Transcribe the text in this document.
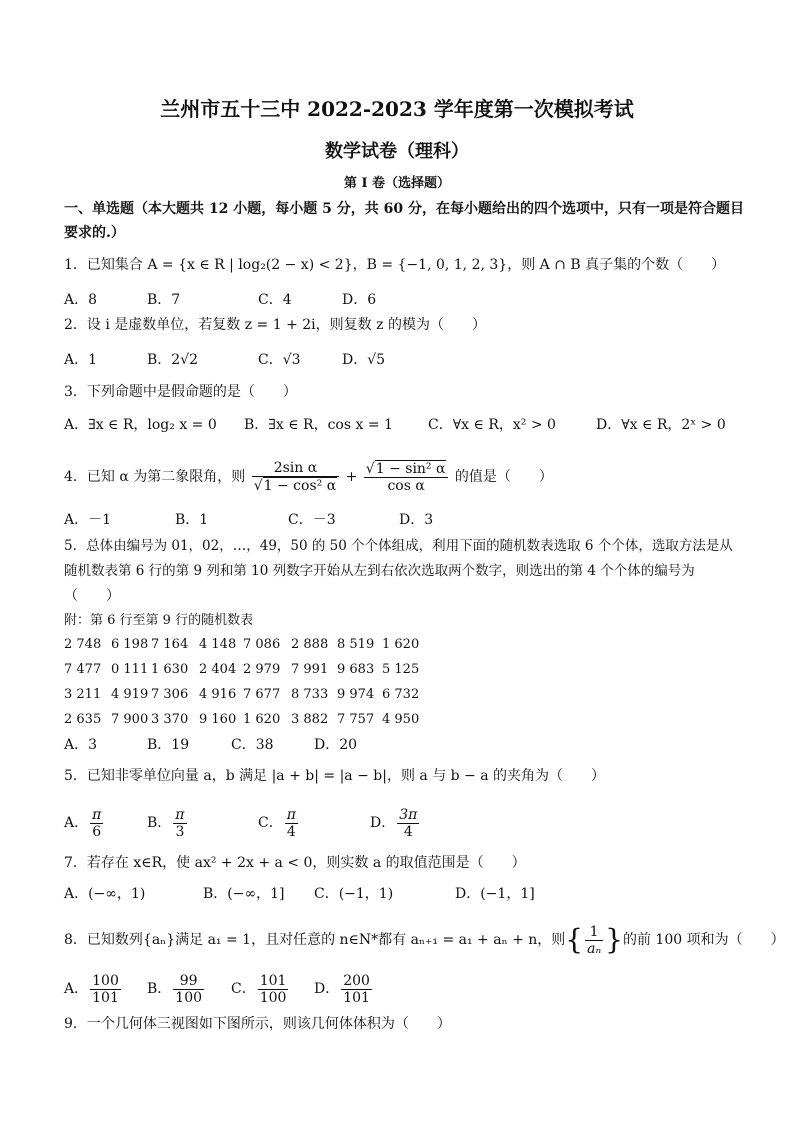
兰州市五十三中 2022-2023 学年度第一次模拟考试
数学试卷（理科）
第 I 卷（选择题）
一、单选题（本大题共 12 小题，每小题 5 分，共 60 分，在每小题给出的四个选项中，只有一项是符合题目
要求的.）
1．已知集合 A = {x ∈ R | log₂(2 − x) < 2}，B = {−1, 0, 1, 2, 3}，则 A ∩ B 真子集的个数（　　）
A．8	B．7	C．4	D．6
2．设 i 是虚数单位，若复数 z = 1 + 2i，则复数 z 的模为（　　）
A．1	B．2√2	C．√3	D．√5
3．下列命题中是假命题的是（　　）
A．∃x ∈ R，log₂ x = 0 B．∃x ∈ R，cos x = 1	C．∀x ∈ R，x² > 0	D．∀x ∈ R，2ˣ > 0
4．已知 α 为第二象限角，则 $\frac{\text{2sin α}}{\text{√1 − cos² α}} + \frac{\text{√1 − sin² α}}{\text{cos α}}$ 的值是（　　）
A．－1	B．1	C．－3	D．3
5．总体由编号为 01，02，…，49，50 的 50 个个体组成，利用下面的随机数表选取 6 个个体，选取方法是从
随机数表第 6 行的第 9 列和第 10 列数字开始从左到右依次选取两个数字，则选出的第 4 个个体的编号为
（　　）
附：第 6 行至第 9 行的随机数表
2 748 6 198 7 164 4 148 7 086 2 888 8 519 1 620
7 477 0 111 1 630 2 404 2 979 7 991 9 683 5 125
3 211 4 919 7 306 4 916 7 677 8 733 9 974 6 732
2 635 7 900 3 370 9 160 1 620 3 882 7 757 4 950
A．3	B．19	C．38	D．20
5．已知非零单位向量 a，b 满足 |a + b| = |a − b|，则 a 与 b − a 的夹角为（　　）
A． $\frac{\pi}{6}$	B． $\frac{\pi}{3}$	C． $\frac{\pi}{4}$	D． $\frac{3\pi}{4}$
7．若存在 x∈R，使 ax² + 2x + a < 0，则实数 a 的取值范围是（　　）
A．(−∞，1)	B．(−∞，1] C．(−1，1)	D．(−1，1]
8．已知数列{aₙ}满足 a₁ = 1，且对任意的 n∈N*都有 aₙ₊₁ = a₁ + aₙ + n，则{ $\frac{1}{\text{aₙ}}$ }的前 100 项和为（　　）
A． $\frac{100}{101}$ B． $\frac{99}{100}$ C． $\frac{101}{100}$ D． $\frac{200}{101}$
9．一个几何体三视图如下图所示，则该几何体体积为（　　）
